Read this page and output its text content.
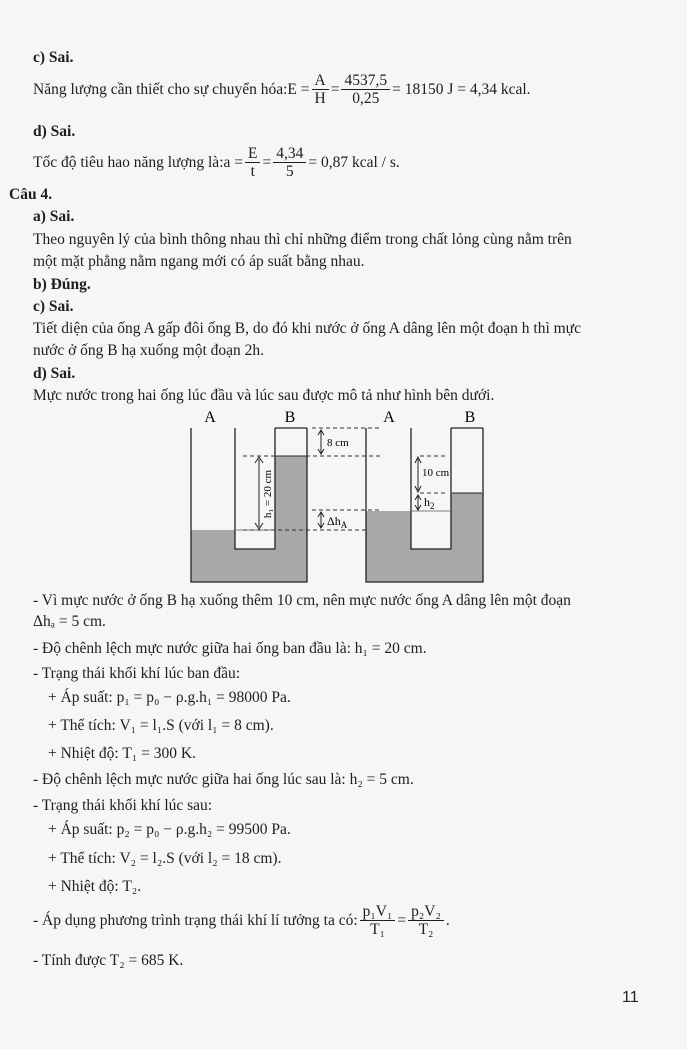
c) Sai.
Năng lượng cần thiết cho sự chuyển hóa: $E = \frac{A}{H} = \frac{4537,5}{0,25} = 18150$ J = 4,34 kcal.
d) Sai.
Tốc độ tiêu hao năng lượng là: $a = \frac{E}{t} = \frac{4,34}{5} = 0,87$ kcal / s.
Câu 4.
a) Sai.
Theo nguyên lý của bình thông nhau thì chỉ những điểm trong chất lỏng cùng nằm trên
một mặt phẳng nằm ngang mới có áp suất bằng nhau.
b) Đúng.
c) Sai.
Tiết diện của ống A gấp đôi ống B, do đó khi nước ở ống A dâng lên một đoạn h thì mực
nước ở ống B hạ xuống một đoạn 2h.
d) Sai.
Mực nước trong hai ống lúc đầu và lúc sau được mô tả như hình bên dưới.
A	B
h₁ = 20 cm
8 cm
$\Delta h_A$
A	B
10 cm
$h_2$
- Vì mực nước ở ống B hạ xuống thêm 10 cm, nên mực nước ống A dâng lên một đoạn
Δhₐ = 5 cm.
- Độ chênh lệch mực nước giữa hai ống ban đầu là: h₁ = 20 cm.
- Trạng thái khối khí lúc ban đầu:
+ Áp suất: p₁ = p₀ − ρ.g.h₁ = 98000 Pa.
+ Thể tích: V₁ = l₁.S (với l₁ = 8 cm).
+ Nhiệt độ: T₁ = 300 K.
- Độ chênh lệch mực nước giữa hai ống lúc sau là: h₂ = 5 cm.
- Trạng thái khối khí lúc sau:
+ Áp suất: p₂ = p₀ − ρ.g.h₂ = 99500 Pa.
+ Thể tích: V₂ = l₂.S (với l₂ = 18 cm).
+ Nhiệt độ: T₂.
- Áp dụng phương trình trạng thái khí lí tưởng ta có: $\frac{\text{p₁V₁}}{\text{T₁}} = \frac{\text{p₂V₂}}{\text{T₂}}$ .
- Tính được T₂ = 685 K.
11
